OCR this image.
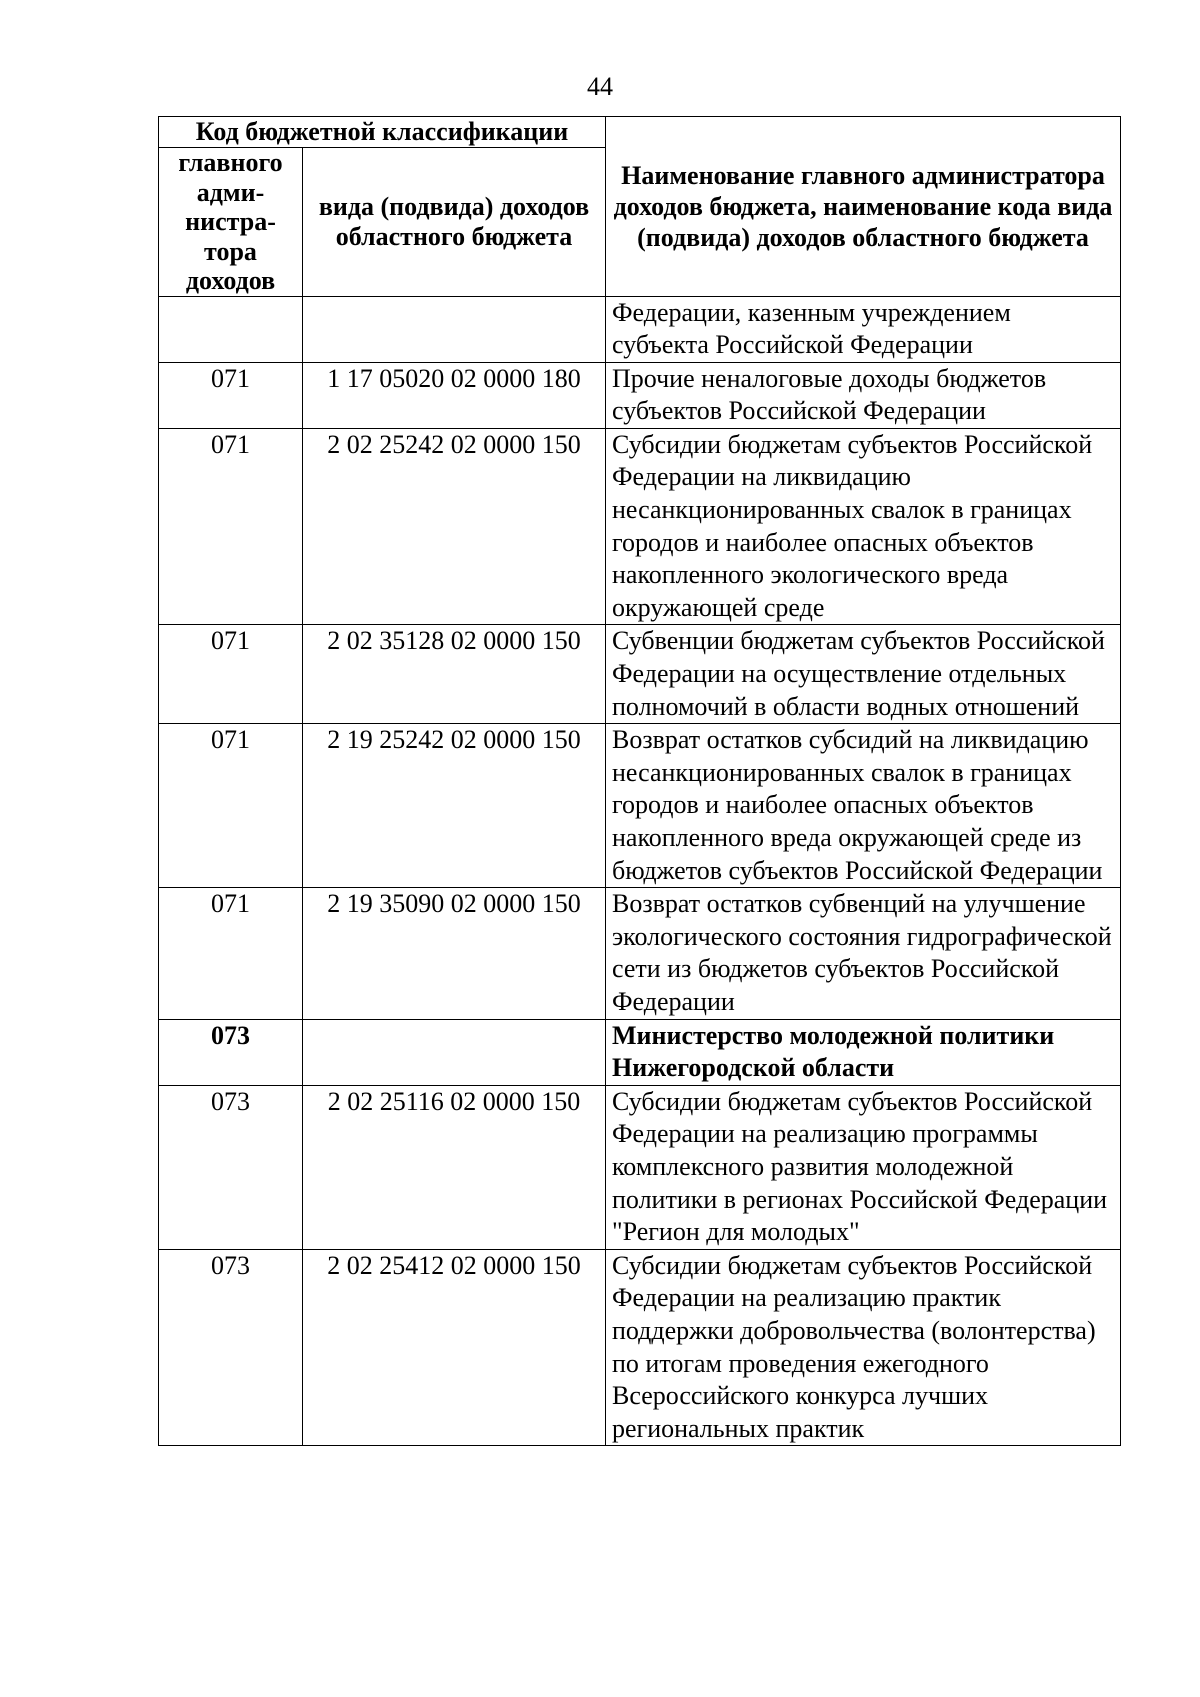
44
Код бюджетной классификации		Наименование главного администратора доходов бюджета, наименование кода вида (подвида) доходов областного бюджета
главного адми-нистра-тора доходов	вида (подвида) доходов областного бюджета	
		Федерации, казенным учреждением субъекта Российской Федерации
071	1 17 05020 02 0000 180	Прочие неналоговые доходы бюджетов субъектов Российской Федерации
071	2 02 25242 02 0000 150	Субсидии бюджетам субъектов Российской Федерации на ликвидацию несанкционированных свалок в границах городов и наиболее опасных объектов накопленного экологического вреда окружающей среде
071	2 02 35128 02 0000 150	Субвенции бюджетам субъектов Российской Федерации на осуществление отдельных полномочий в области водных отношений
071	2 19 25242 02 0000 150	Возврат остатков субсидий на ликвидацию несанкционированных свалок в границах городов и наиболее опасных объектов накопленного вреда окружающей среде из бюджетов субъектов Российской Федерации
071	2 19 35090 02 0000 150	Возврат остатков субвенций на улучшение экологического состояния гидрографической сети из бюджетов субъектов Российской Федерации
073		Министерство молодежной политики Нижегородской области
073	2 02 25116 02 0000 150	Субсидии бюджетам субъектов Российской Федерации на реализацию программы комплексного развития молодежной политики в регионах Российской Федерации "Регион для молодых"
073	2 02 25412 02 0000 150	Субсидии бюджетам субъектов Российской Федерации на реализацию практик поддержки добровольчества (волонтерства) по итогам проведения ежегодного Всероссийского конкурса лучших региональных практик
